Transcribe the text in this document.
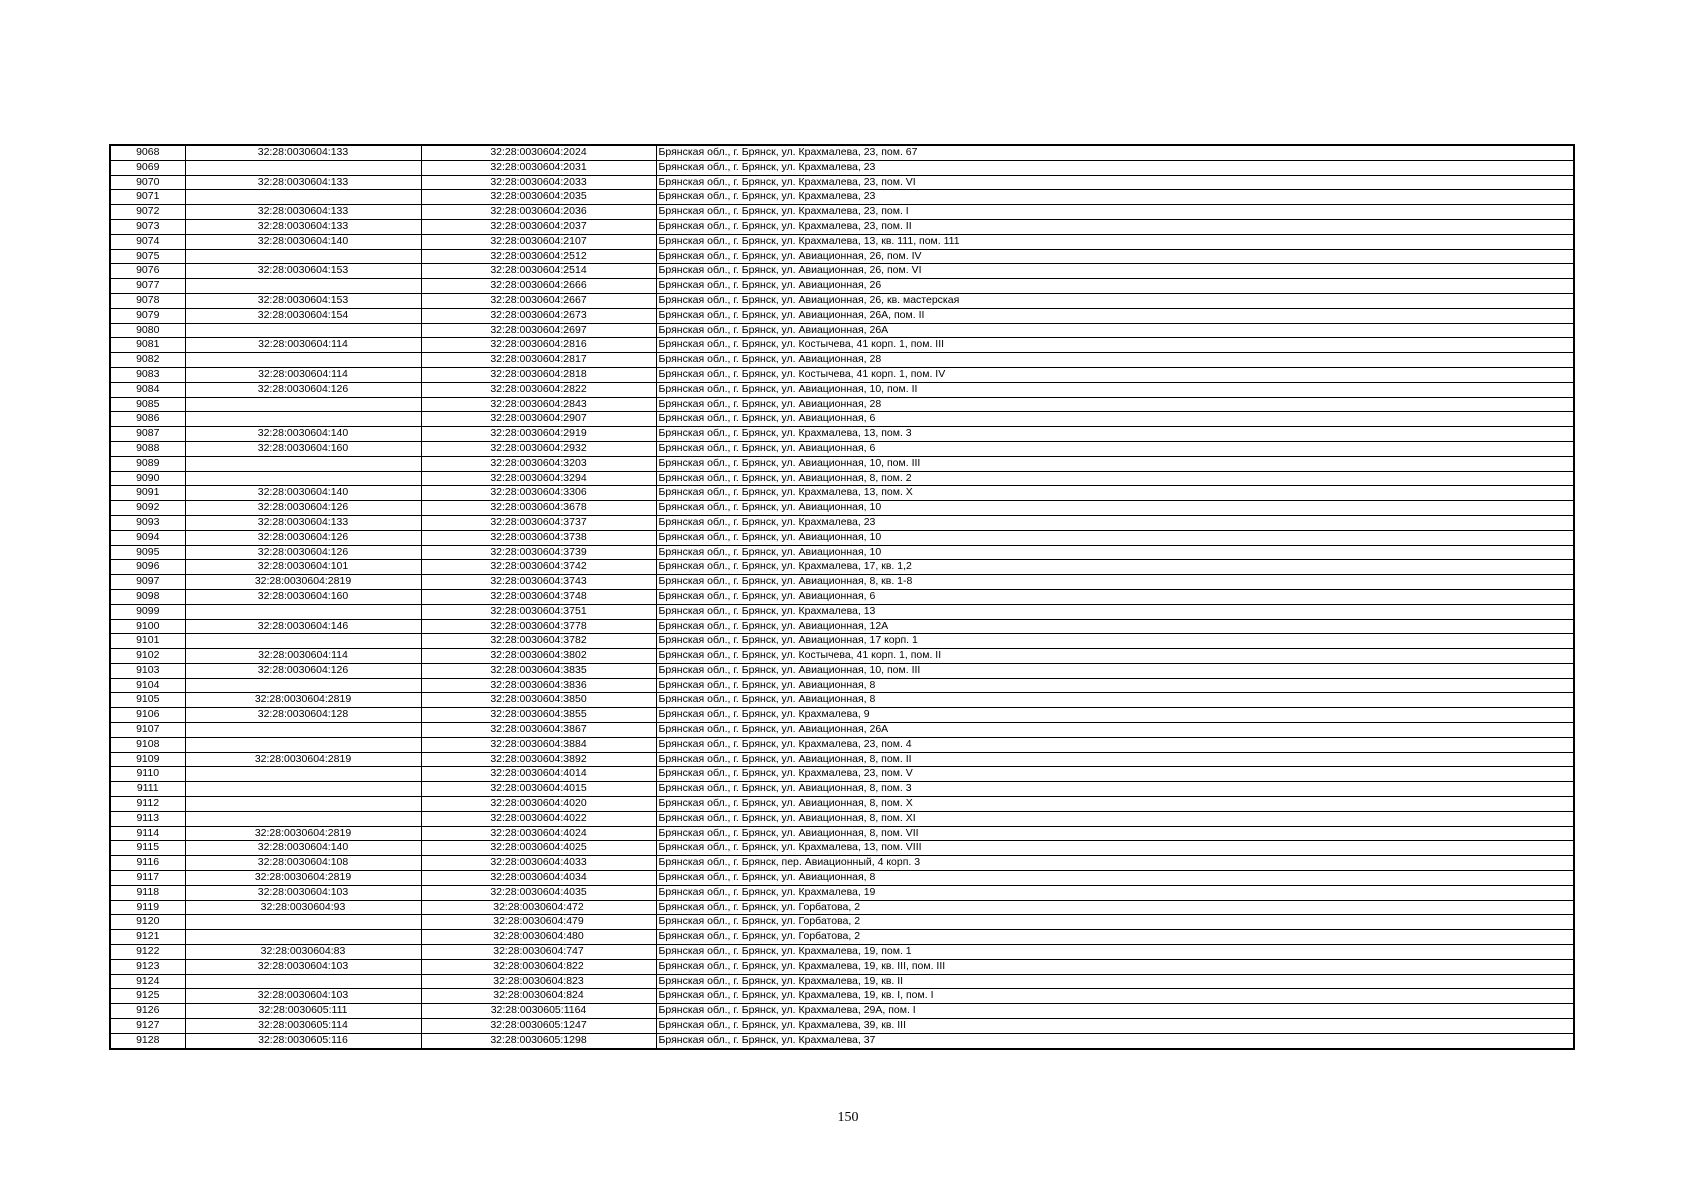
9068	32:28:0030604:133	32:28:0030604:2024	Брянская обл., г. Брянск, ул. Крахмалева, 23, пом. 67
9069		32:28:0030604:2031	Брянская обл., г. Брянск, ул. Крахмалева, 23
9070	32:28:0030604:133	32:28:0030604:2033	Брянская обл., г. Брянск, ул. Крахмалева, 23, пом. VI
9071		32:28:0030604:2035	Брянская обл., г. Брянск, ул. Крахмалева, 23
9072	32:28:0030604:133	32:28:0030604:2036	Брянская обл., г. Брянск, ул. Крахмалева, 23, пом. I
9073	32:28:0030604:133	32:28:0030604:2037	Брянская обл., г. Брянск, ул. Крахмалева, 23, пом. II
9074	32:28:0030604:140	32:28:0030604:2107	Брянская обл., г. Брянск, ул. Крахмалева, 13, кв. 111, пом. 111
9075		32:28:0030604:2512	Брянская обл., г. Брянск, ул. Авиационная, 26, пом. IV
9076	32:28:0030604:153	32:28:0030604:2514	Брянская обл., г. Брянск, ул. Авиационная, 26, пом. VI
9077		32:28:0030604:2666	Брянская обл., г. Брянск, ул. Авиационная, 26
9078	32:28:0030604:153	32:28:0030604:2667	Брянская обл., г. Брянск, ул. Авиационная, 26, кв. мастерская
9079	32:28:0030604:154	32:28:0030604:2673	Брянская обл., г. Брянск, ул. Авиационная, 26А, пом. II
9080		32:28:0030604:2697	Брянская обл., г. Брянск, ул. Авиационная, 26А
9081	32:28:0030604:114	32:28:0030604:2816	Брянская обл., г. Брянск, ул. Костычева, 41 корп. 1, пом. III
9082		32:28:0030604:2817	Брянская обл., г. Брянск, ул. Авиационная, 28
9083	32:28:0030604:114	32:28:0030604:2818	Брянская обл., г. Брянск, ул. Костычева, 41 корп. 1, пом. IV
9084	32:28:0030604:126	32:28:0030604:2822	Брянская обл., г. Брянск, ул. Авиационная, 10, пом. II
9085		32:28:0030604:2843	Брянская обл., г. Брянск, ул. Авиационная, 28
9086		32:28:0030604:2907	Брянская обл., г. Брянск, ул. Авиационная, 6
9087	32:28:0030604:140	32:28:0030604:2919	Брянская обл., г. Брянск, ул. Крахмалева, 13, пом. 3
9088	32:28:0030604:160	32:28:0030604:2932	Брянская обл., г. Брянск, ул. Авиационная, 6
9089		32:28:0030604:3203	Брянская обл., г. Брянск, ул. Авиационная, 10, пом. III
9090		32:28:0030604:3294	Брянская обл., г. Брянск, ул. Авиационная, 8, пом. 2
9091	32:28:0030604:140	32:28:0030604:3306	Брянская обл., г. Брянск, ул. Крахмалева, 13, пом. X
9092	32:28:0030604:126	32:28:0030604:3678	Брянская обл., г. Брянск, ул. Авиационная, 10
9093	32:28:0030604:133	32:28:0030604:3737	Брянская обл., г. Брянск, ул. Крахмалева, 23
9094	32:28:0030604:126	32:28:0030604:3738	Брянская обл., г. Брянск, ул. Авиационная, 10
9095	32:28:0030604:126	32:28:0030604:3739	Брянская обл., г. Брянск, ул. Авиационная, 10
9096	32:28:0030604:101	32:28:0030604:3742	Брянская обл., г. Брянск, ул. Крахмалева, 17, кв. 1,2
9097	32:28:0030604:2819	32:28:0030604:3743	Брянская обл., г. Брянск, ул. Авиационная, 8, кв. 1-8
9098	32:28:0030604:160	32:28:0030604:3748	Брянская обл., г. Брянск, ул. Авиационная, 6
9099		32:28:0030604:3751	Брянская обл., г. Брянск, ул. Крахмалева, 13
9100	32:28:0030604:146	32:28:0030604:3778	Брянская обл., г. Брянск, ул. Авиационная, 12А
9101		32:28:0030604:3782	Брянская обл., г. Брянск, ул. Авиационная, 17 корп. 1
9102	32:28:0030604:114	32:28:0030604:3802	Брянская обл., г. Брянск, ул. Костычева, 41 корп. 1, пом. II
9103	32:28:0030604:126	32:28:0030604:3835	Брянская обл., г. Брянск, ул. Авиационная, 10, пом. III
9104		32:28:0030604:3836	Брянская обл., г. Брянск, ул. Авиационная, 8
9105	32:28:0030604:2819	32:28:0030604:3850	Брянская обл., г. Брянск, ул. Авиационная, 8
9106	32:28:0030604:128	32:28:0030604:3855	Брянская обл., г. Брянск, ул. Крахмалева, 9
9107		32:28:0030604:3867	Брянская обл., г. Брянск, ул. Авиационная, 26А
9108		32:28:0030604:3884	Брянская обл., г. Брянск, ул. Крахмалева, 23, пом. 4
9109	32:28:0030604:2819	32:28:0030604:3892	Брянская обл., г. Брянск, ул. Авиационная, 8, пом. II
9110		32:28:0030604:4014	Брянская обл., г. Брянск, ул. Крахмалева, 23, пом. V
9111		32:28:0030604:4015	Брянская обл., г. Брянск, ул. Авиационная, 8, пом. 3
9112		32:28:0030604:4020	Брянская обл., г. Брянск, ул. Авиационная, 8, пом. X
9113		32:28:0030604:4022	Брянская обл., г. Брянск, ул. Авиационная, 8, пом. XI
9114	32:28:0030604:2819	32:28:0030604:4024	Брянская обл., г. Брянск, ул. Авиационная, 8, пом. VII
9115	32:28:0030604:140	32:28:0030604:4025	Брянская обл., г. Брянск, ул. Крахмалева, 13, пом. VIII
9116	32:28:0030604:108	32:28:0030604:4033	Брянская обл., г. Брянск, пер. Авиационный, 4 корп. 3
9117	32:28:0030604:2819	32:28:0030604:4034	Брянская обл., г. Брянск, ул. Авиационная, 8
9118	32:28:0030604:103	32:28:0030604:4035	Брянская обл., г. Брянск, ул. Крахмалева, 19
9119	32:28:0030604:93	32:28:0030604:472	Брянская обл., г. Брянск, ул. Горбатова, 2
9120		32:28:0030604:479	Брянская обл., г. Брянск, ул. Горбатова, 2
9121		32:28:0030604:480	Брянская обл., г. Брянск, ул. Горбатова, 2
9122	32:28:0030604:83	32:28:0030604:747	Брянская обл., г. Брянск, ул. Крахмалева, 19, пом. 1
9123	32:28:0030604:103	32:28:0030604:822	Брянская обл., г. Брянск, ул. Крахмалева, 19, кв. III, пом. III
9124		32:28:0030604:823	Брянская обл., г. Брянск, ул. Крахмалева, 19, кв. II
9125	32:28:0030604:103	32:28:0030604:824	Брянская обл., г. Брянск, ул. Крахмалева, 19, кв. I, пом. I
9126	32:28:0030605:111	32:28:0030605:1164	Брянская обл., г. Брянск, ул. Крахмалева, 29А, пом. I
9127	32:28:0030605:114	32:28:0030605:1247	Брянская обл., г. Брянск, ул. Крахмалева, 39, кв. III
9128	32:28:0030605:116	32:28:0030605:1298	Брянская обл., г. Брянск, ул. Крахмалева, 37
150
